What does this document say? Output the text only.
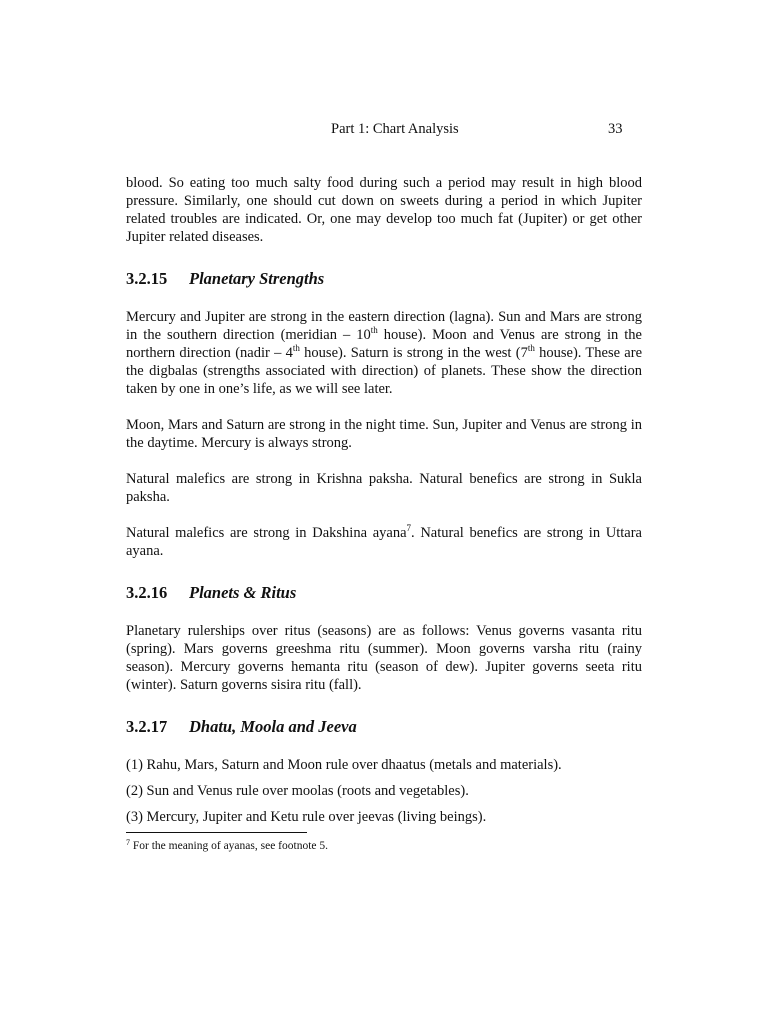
Part 1: Chart Analysis	33

blood. So eating too much salty food during such a period may result in high blood pressure. Similarly, one should cut down on sweets during a period in which Jupiter related troubles are indicated. Or, one may develop too much fat (Jupiter) or get other Jupiter related diseases.

3.2.15 Planetary Strengths

Mercury and Jupiter are strong in the eastern direction (lagna). Sun and Mars are strong in the southern direction (meridian – 10th house). Moon and Venus are strong in the northern direction (nadir – 4th house). Saturn is strong in the west (7th house). These are the digbalas (strengths associated with direction) of planets. These show the direction taken by one in one’s life, as we will see later.

Moon, Mars and Saturn are strong in the night time. Sun, Jupiter and Venus are strong in the daytime. Mercury is always strong.

Natural malefics are strong in Krishna paksha. Natural benefics are strong in Sukla paksha.

Natural malefics are strong in Dakshina ayana$^7$. Natural benefics are strong in Uttara ayana.

3.2.16 Planets & Ritus

Planetary rulerships over ritus (seasons) are as follows: Venus governs vasanta ritu (spring). Mars governs greeshma ritu (summer). Moon governs varsha ritu (rainy season). Mercury governs hemanta ritu (season of dew). Jupiter governs seeta ritu (winter). Saturn governs sisira ritu (fall).

3.2.17 Dhatu, Moola and Jeeva

(1) Rahu, Mars, Saturn and Moon rule over dhaatus (metals and materials).

(2) Sun and Venus rule over moolas (roots and vegetables).

(3) Mercury, Jupiter and Ketu rule over jeevas (living beings).

$^7$ For the meaning of ayanas, see footnote 5.
